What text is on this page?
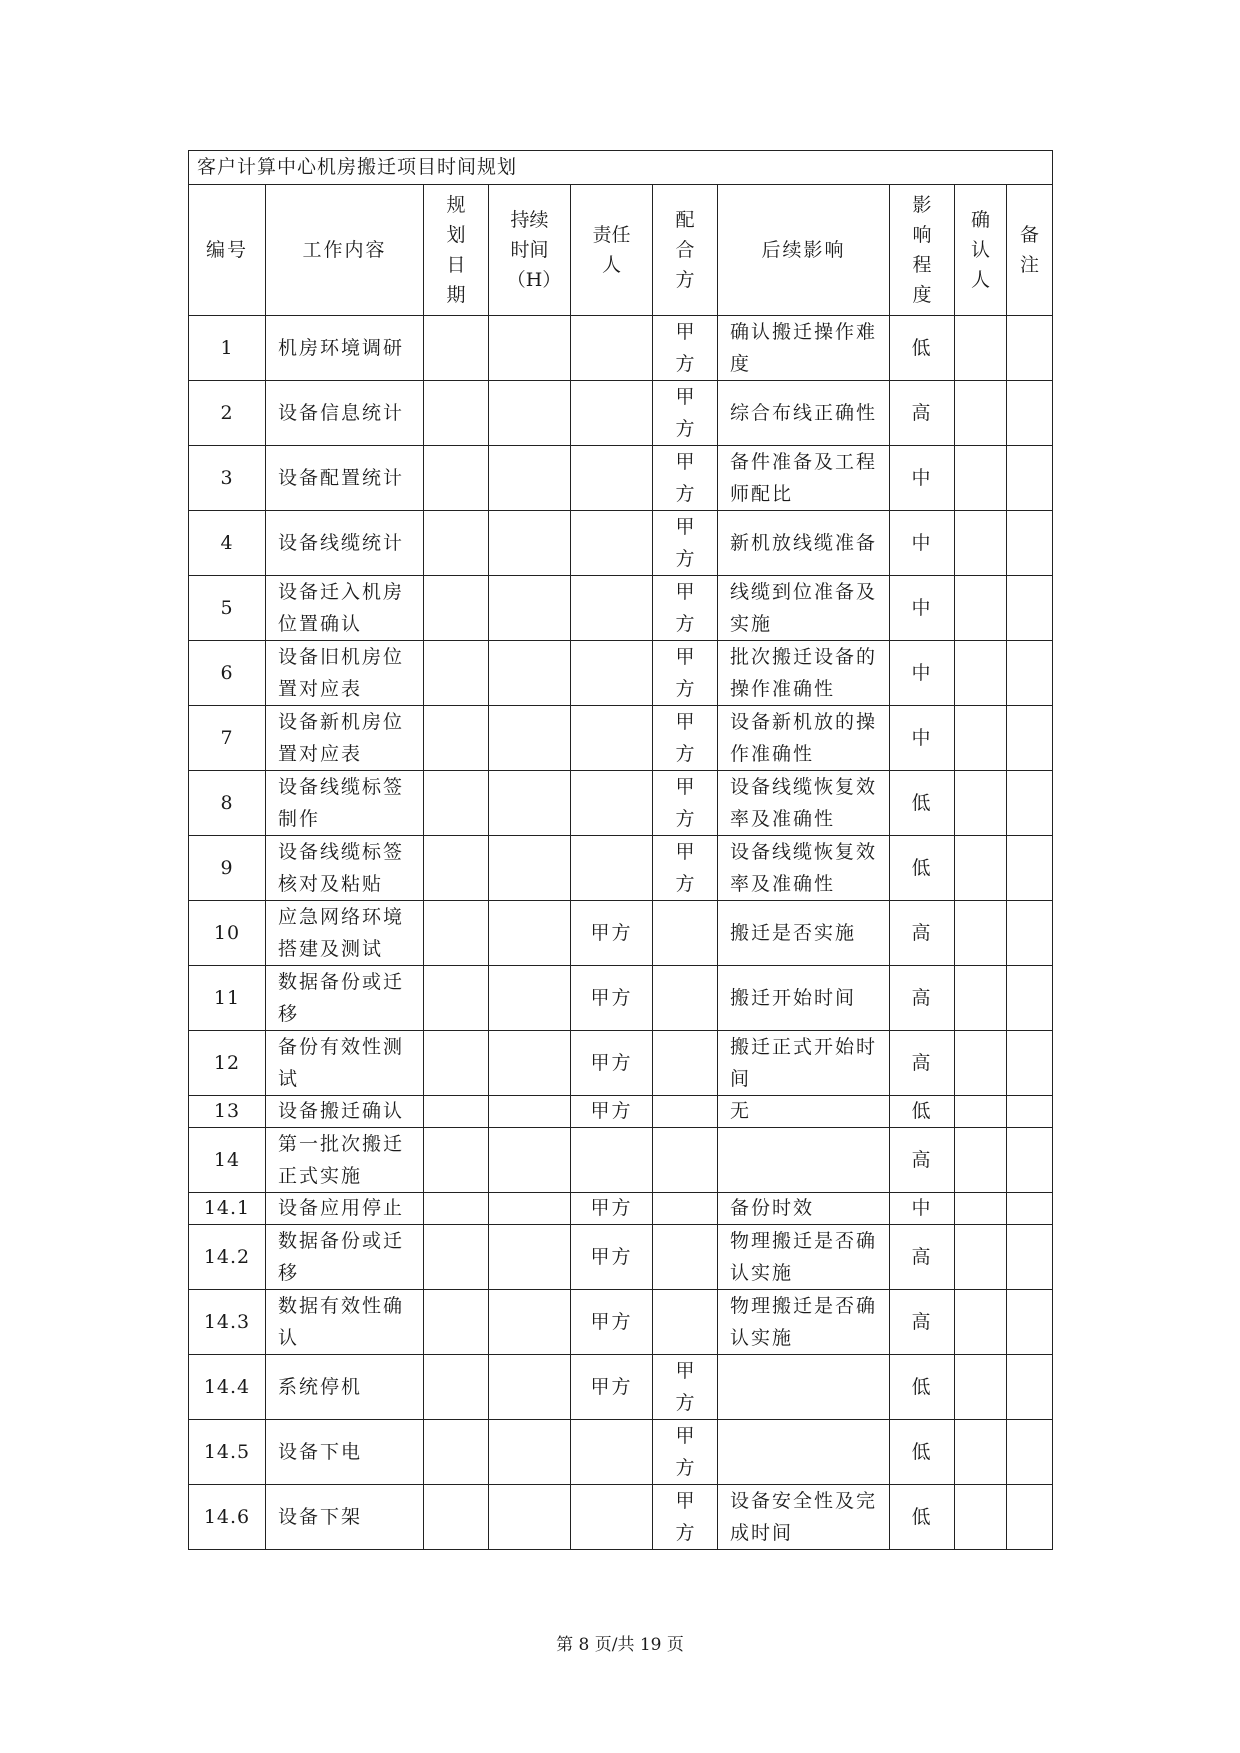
客户计算中心机房搬迁项目时间规划									
编号	工作内容	规划日期	持续时间（H）	责任人	配合方	后续影响	影响程度	确认人	备注
1	机房环境调研				甲方	确认搬迁操作难度	低		
2	设备信息统计				甲方	综合布线正确性	高		
3	设备配置统计				甲方	备件准备及工程师配比	中		
4	设备线缆统计				甲方	新机放线缆准备	中		
5	设备迁入机房位置确认				甲方	线缆到位准备及实施	中		
6	设备旧机房位置对应表				甲方	批次搬迁设备的操作准确性	中		
7	设备新机房位置对应表				甲方	设备新机放的操作准确性	中		
8	设备线缆标签制作				甲方	设备线缆恢复效率及准确性	低		
9	设备线缆标签核对及粘贴				甲方	设备线缆恢复效率及准确性	低		
10	应急网络环境搭建及测试			甲方		搬迁是否实施	高		
11	数据备份或迁移			甲方		搬迁开始时间	高		
12	备份有效性测试			甲方		搬迁正式开始时间	高		
13	设备搬迁确认			甲方		无	低		
14	第一批次搬迁正式实施						高		
14.1	设备应用停止			甲方		备份时效	中		
14.2	数据备份或迁移			甲方		物理搬迁是否确认实施	高		
14.3	数据有效性确认			甲方		物理搬迁是否确认实施	高		
14.4	系统停机			甲方	甲方		低		
14.5	设备下电				甲方		低		
14.6	设备下架				甲方	设备安全性及完成时间	低		
第 8 页/共 19 页
